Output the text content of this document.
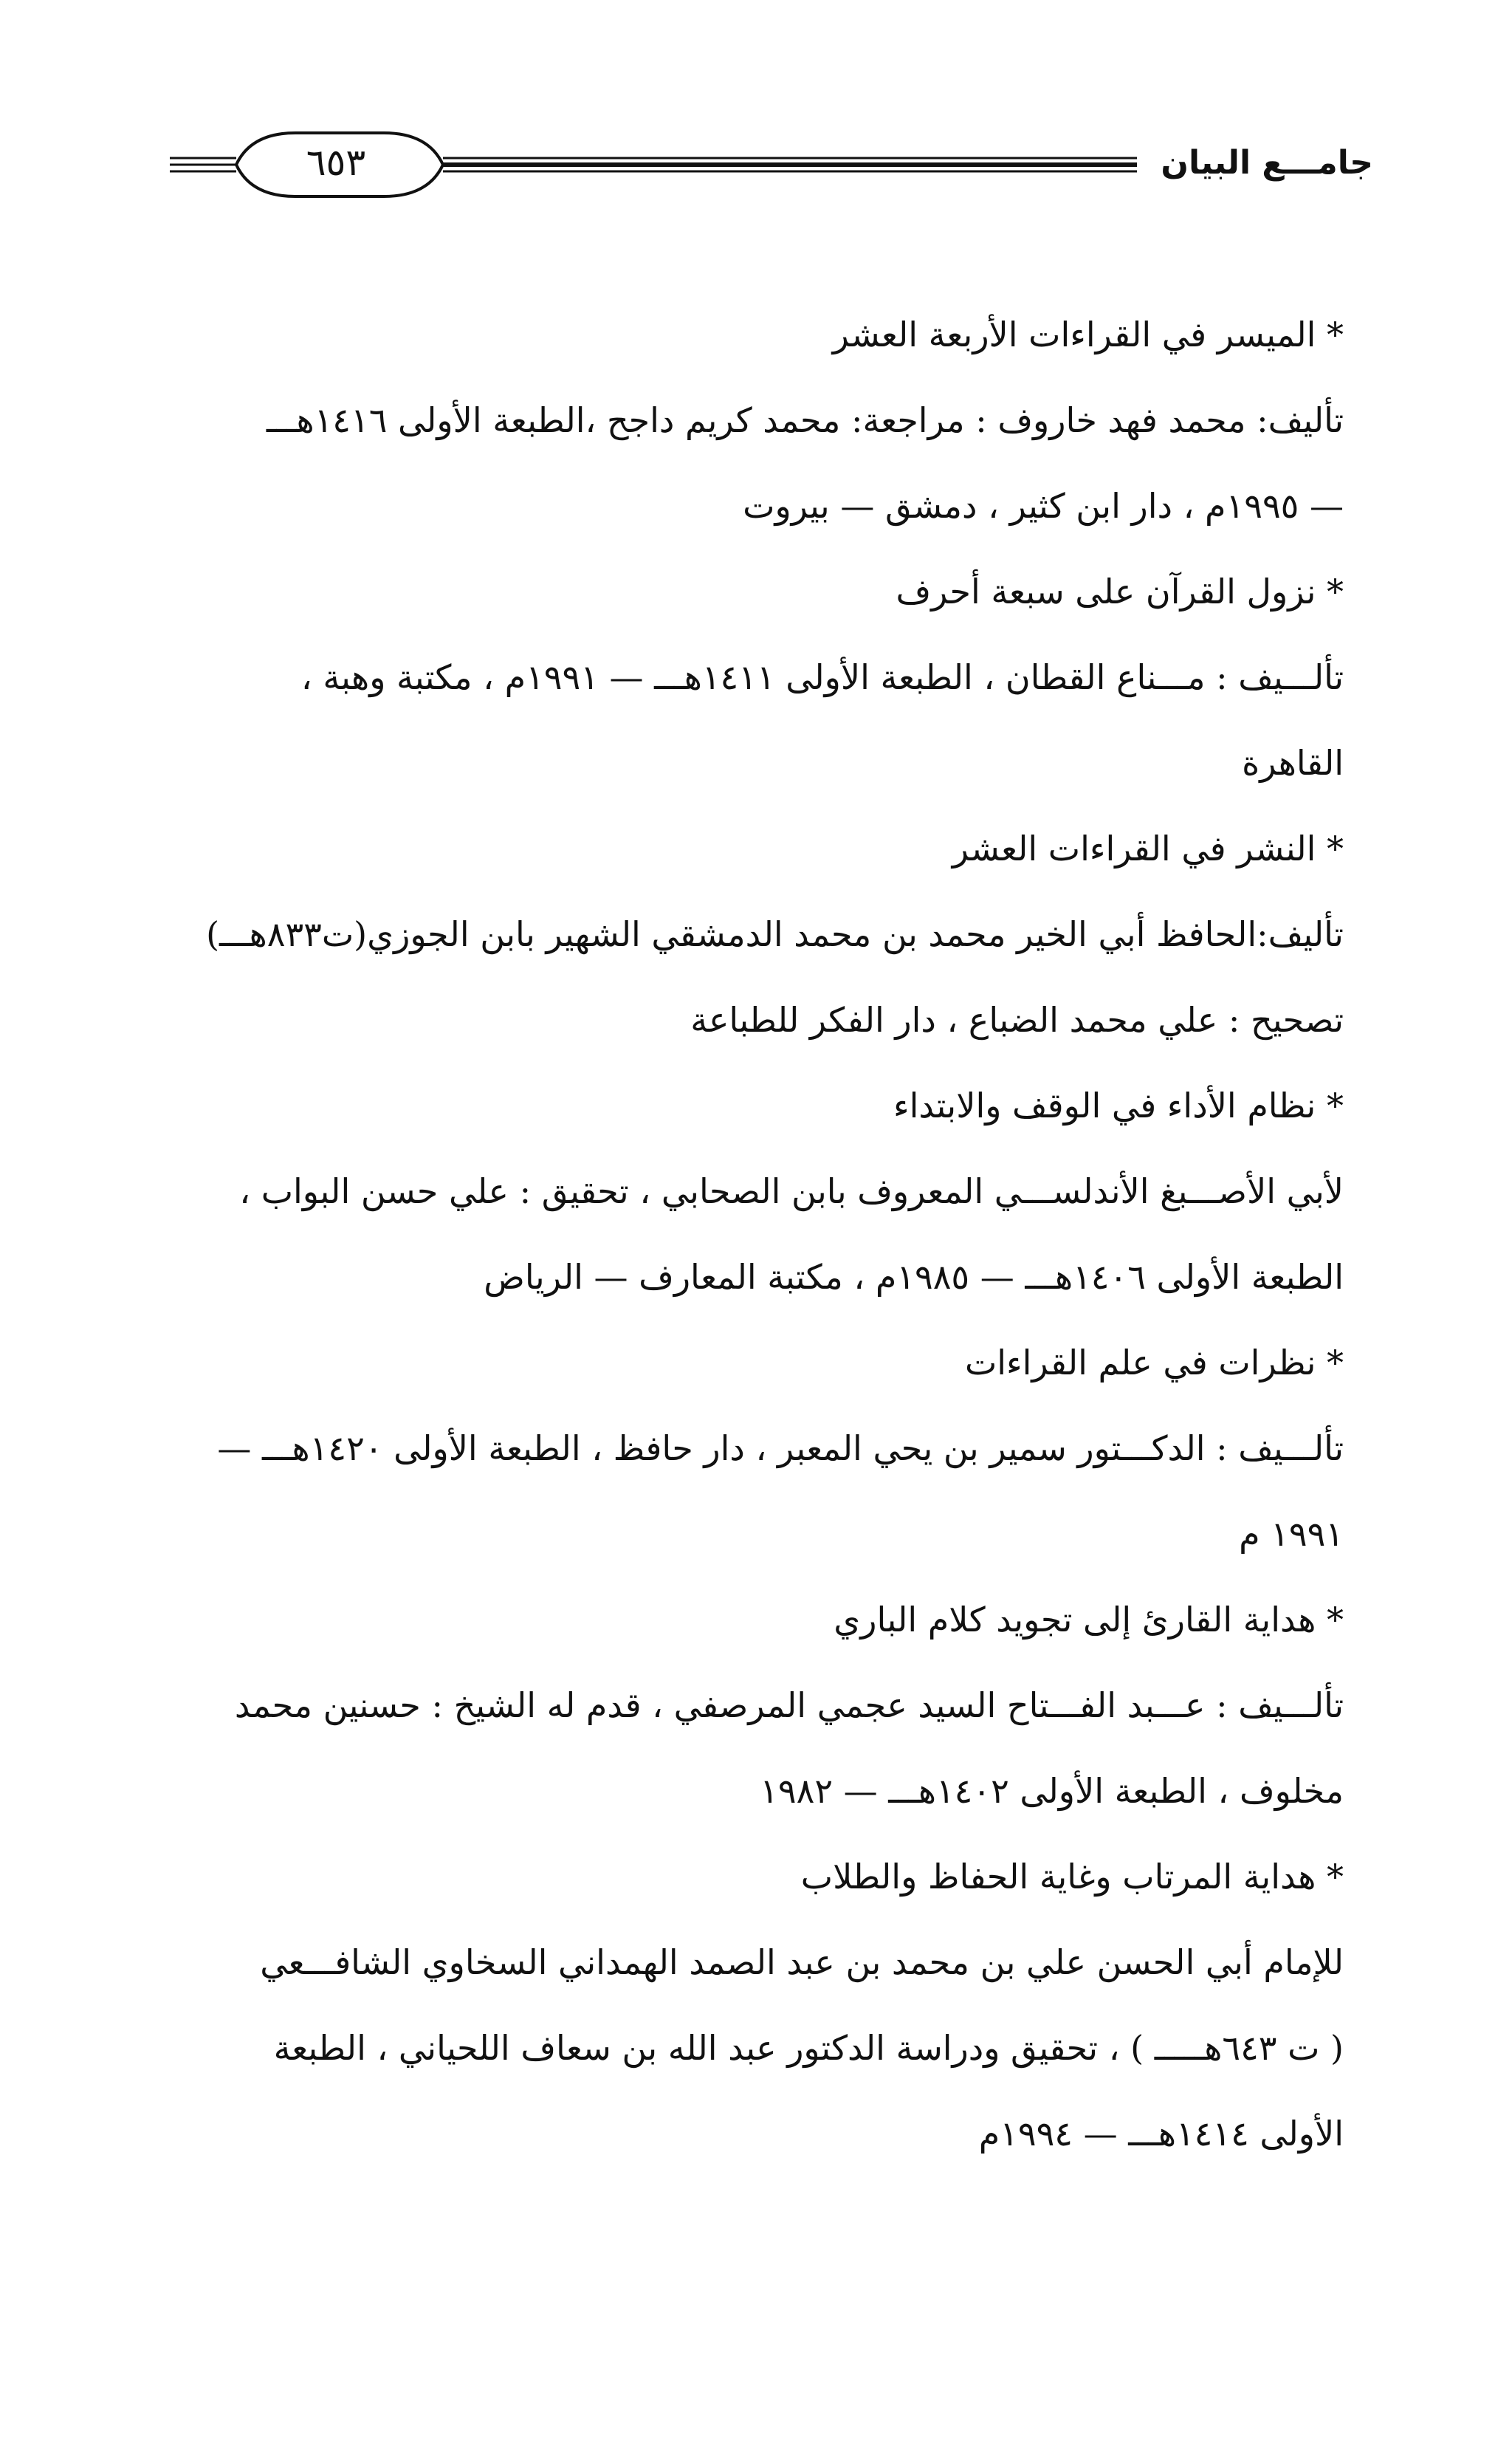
٦٥٣	جامـــع البيان
* الميسر في القراءات الأربعة العشر
تأليف: محمد فهد خاروف : مراجعة: محمد كريم داجح ،الطبعة الأولى ١٤١٦هـــ
— ١٩٩٥م ، دار ابن كثير ، دمشق — بيروت
* نزول القرآن على سبعة أحرف
تألـــيف : مـــناع القطان ، الطبعة الأولى ١٤١١هـــ — ١٩٩١م ، مكتبة وهبة ،
القاهرة
* النشر في القراءات العشر
تأليف:الحافظ أبي الخير محمد بن محمد الدمشقي الشهير بابن الجوزي(ت٨٣٣هـــ)
تصحيح : علي محمد الضباع ، دار الفكر للطباعة
* نظام الأداء في الوقف والابتداء
لأبي الأصـــبغ الأندلســـي المعروف بابن الصحابي ، تحقيق : علي حسن البواب ،
الطبعة الأولى ١٤٠٦هـــ — ١٩٨٥م ، مكتبة المعارف — الرياض
* نظرات في علم القراءات
تألـــيف : الدكـــتور سمير بن يحي المعبر ، دار حافظ ، الطبعة الأولى ١٤٢٠هـــ —
١٩٩١ م
* هداية القارئ إلى تجويد كلام الباري
تألـــيف : عـــبد الفـــتاح السيد عجمي المرصفي ، قدم له الشيخ : حسنين محمد
مخلوف ، الطبعة الأولى ١٤٠٢هـــ — ١٩٨٢
* هداية المرتاب وغاية الحفاظ والطلاب
للإمام أبي الحسن علي بن محمد بن عبد الصمد الهمداني السخاوي الشافـــعي
( ت ٦٤٣هـــــ ) ، تحقيق ودراسة الدكتور عبد الله بن سعاف اللحياني ، الطبعة
الأولى ١٤١٤هـــ — ١٩٩٤م
